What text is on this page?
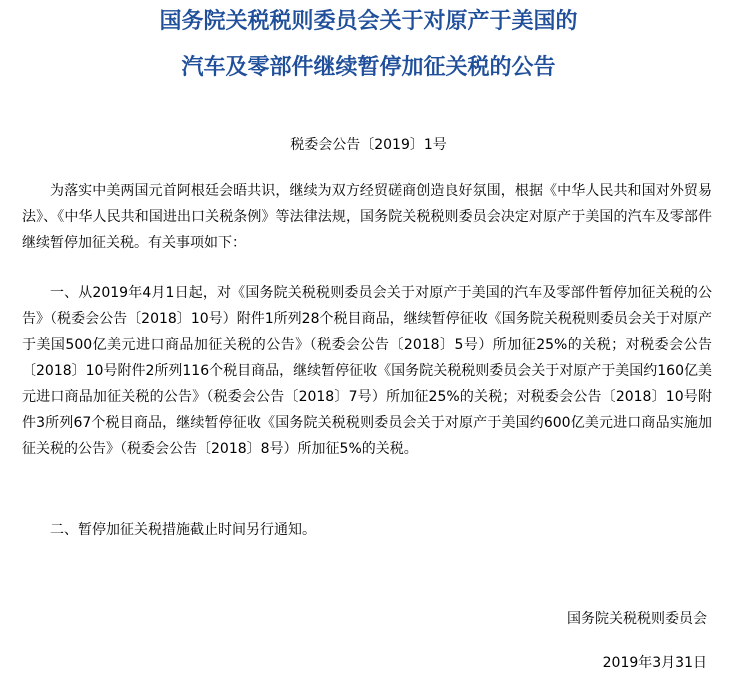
国务院关税税则委员会关于对原产于美国的
汽车及零部件继续暂停加征关税的公告
税委会公告〔2019〕1号

为落实中美两国元首阿根廷会晤共识，继续为双方经贸磋商创造良好氛围，根据《中华人民共和国对外贸易法》、《中华人民共和国进出口关税条例》等法律法规，国务院关税税则委员会决定对原产于美国的汽车及零部件继续暂停加征关税。有关事项如下：

一、从2019年4月1日起，对《国务院关税税则委员会关于对原产于美国的汽车及零部件暂停加征关税的公告》（税委会公告〔2018〕10号）附件1所列28个税目商品，继续暂停征收《国务院关税税则委员会关于对原产于美国500亿美元进口商品加征关税的公告》（税委会公告〔2018〕5号）所加征25%的关税；对税委会公告〔2018〕10号附件2所列116个税目商品，继续暂停征收《国务院关税税则委员会关于对原产于美国约160亿美元进口商品加征关税的公告》（税委会公告〔2018〕7号）所加征25%的关税；对税委会公告〔2018〕10号附件3所列67个税目商品，继续暂停征收《国务院关税税则委员会关于对原产于美国约600亿美元进口商品实施加征关税的公告》（税委会公告〔2018〕8号）所加征5%的关税。

二、暂停加征关税措施截止时间另行通知。

国务院关税税则委员会
2019年3月31日
